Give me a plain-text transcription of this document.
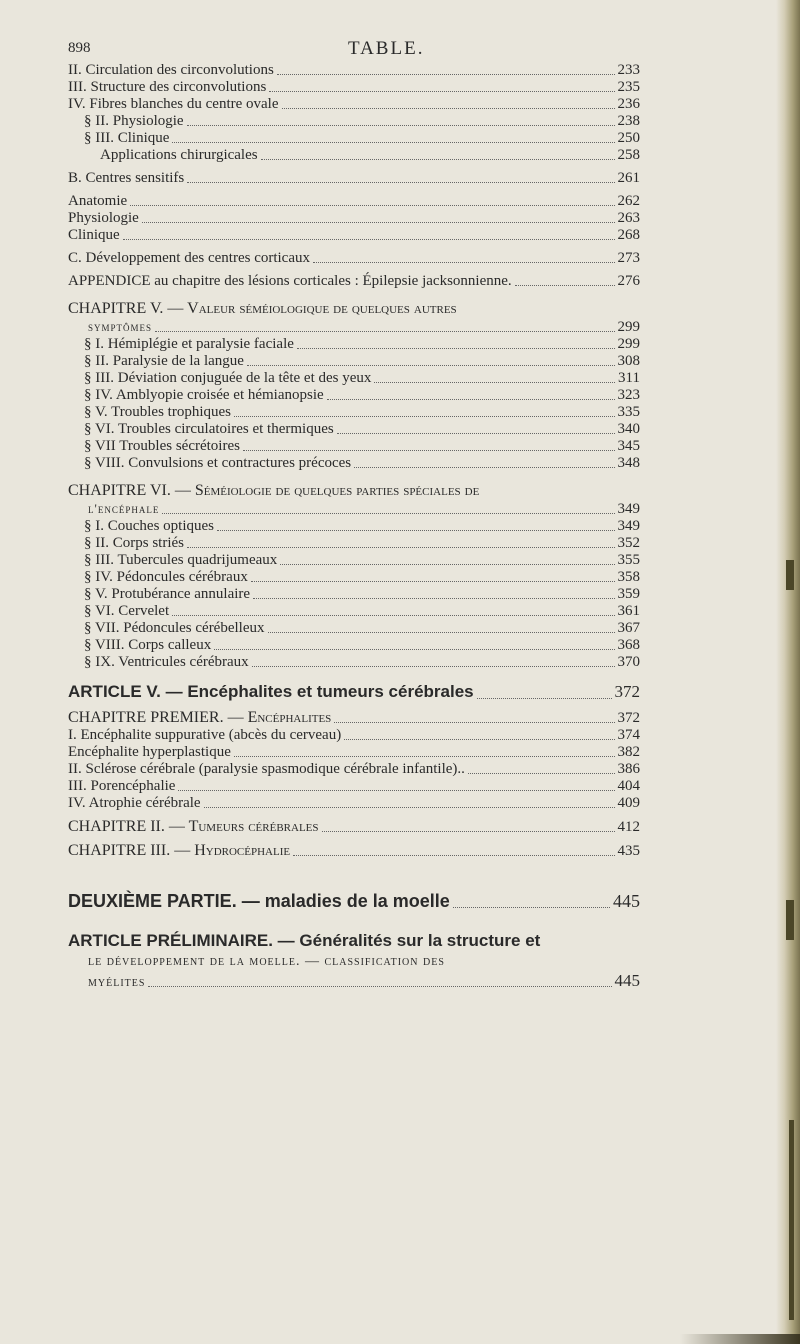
898	TABLE.
II. Circulation des circonvolutions	233
III. Structure des circonvolutions	235
IV. Fibres blanches du centre ovale	236
§ II. Physiologie	238
§ III. Clinique	250
Applications chirurgicales	258
B. Centres sensitifs	261
Anatomie	262
Physiologie	263
Clinique	268
C. Développement des centres corticaux	273
APPENDICE au chapitre des lésions corticales : Épilepsie jacksonnienne.	276
CHAPITRE V. — Valeur séméiologique de quelques autres
symptômes	299
§ I. Hémiplégie et paralysie faciale	299
§ II. Paralysie de la langue	308
§ III. Déviation conjuguée de la tête et des yeux	311
§ IV. Amblyopie croisée et hémianopsie	323
§ V. Troubles trophiques	335
§ VI. Troubles circulatoires et thermiques	340
§ VII Troubles sécrétoires	345
§ VIII. Convulsions et contractures précoces	348
CHAPITRE VI. — Séméiologie de quelques parties spéciales de
l'encéphale	349
§ I. Couches optiques	349
§ II. Corps striés	352
§ III. Tubercules quadrijumeaux	355
§ IV. Pédoncules cérébraux	358
§ V. Protubérance annulaire	359
§ VI. Cervelet	361
§ VII. Pédoncules cérébelleux	367
§ VIII. Corps calleux	368
§ IX. Ventricules cérébraux	370
ARTICLE V. — Encéphalites et tumeurs cérébrales	372
CHAPITRE PREMIER. — Encéphalites	372
I. Encéphalite suppurative (abcès du cerveau)	374
Encéphalite hyperplastique	382
II. Sclérose cérébrale (paralysie spasmodique cérébrale infantile)..	386
III. Porencéphalie	404
IV. Atrophie cérébrale	409
CHAPITRE II. — Tumeurs cérébrales	412
CHAPITRE III. — Hydrocéphalie	435
DEUXIÈME PARTIE. — maladies de la moelle	445
ARTICLE PRÉLIMINAIRE. — Généralités sur la structure et
le développement de la moelle. — classification des
myélites	445
